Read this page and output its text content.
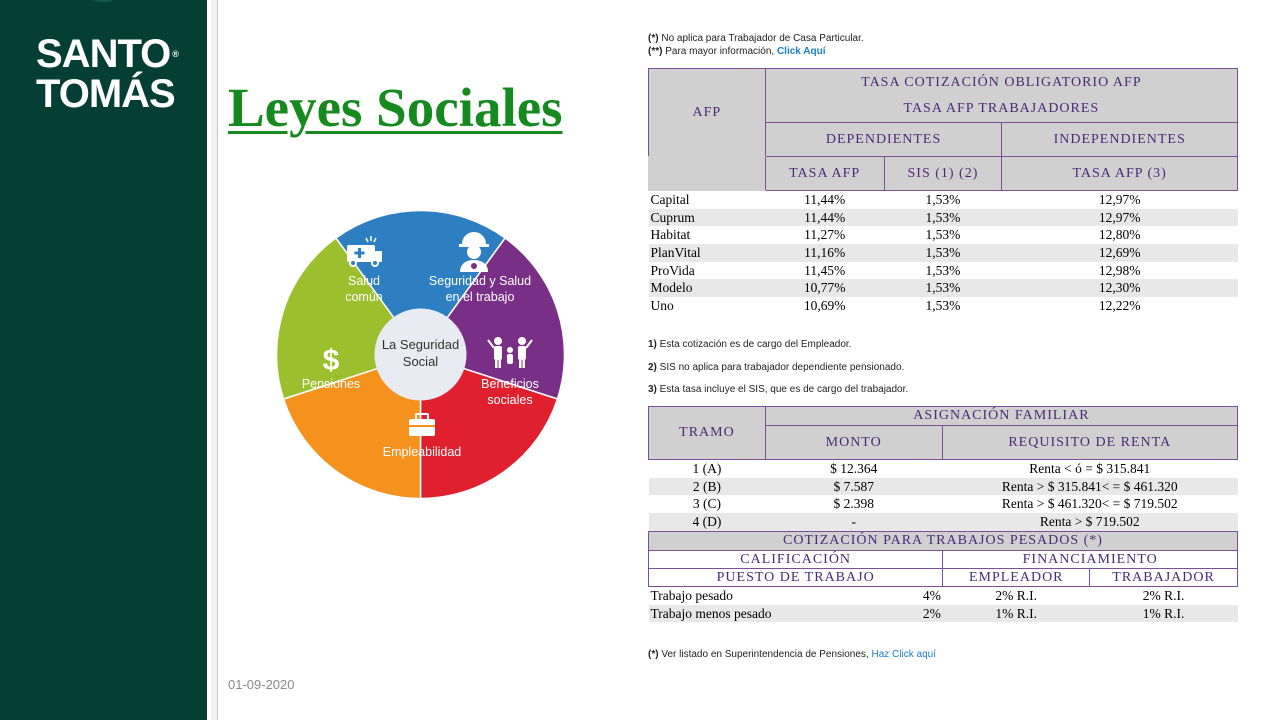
SANTO ®
TOMÁS Leyes Sociales
La Seguridad
Social
Salud
común
Seguridad y Salud
en el trabajo
Beneficios
sociales
Empleabilidad
Pensiones
$
(*) No aplica para Trabajador de Casa Particular.
(**) Para mayor información, Click Aquí
AFP	TASA COTIZACIÓN OBLIGATORIO AFP
TASA AFP TRABAJADORES		
	DEPENDIENTES		INDEPENDIENTES
	TASA AFP	SIS (1) (2)	TASA AFP (3)
Capital	11,44%	1,53%	12,97%
Cuprum	11,44%	1,53%	12,97%
Habitat	11,27%	1,53%	12,80%
PlanVital	11,16%	1,53%	12,69%
ProVida	11,45%	1,53%	12,98%
Modelo	10,77%	1,53%	12,30%
Uno	10,69%	1,53%	12,22%
1) Esta cotización es de cargo del Empleador.
2) SIS no aplica para trabajador dependiente pensionado.
3) Esta tasa incluye el SIS, que es de cargo del trabajador.
TRAMO	ASIGNACIÓN FAMILIAR	
	MONTO	REQUISITO DE RENTA
1 (A)	$ 12.364	Renta < ó = $ 315.841
2 (B)	$ 7.587	Renta > $ 315.841< = $ 461.320
3 (C)	$ 2.398	Renta > $ 461.320< = $ 719.502
4 (D)	-	Renta > $ 719.502
COTIZACIÓN PARA TRABAJOS PESADOS (*)			
CALIFICACIÓN		FINANCIAMIENTO	
PUESTO DE TRABAJO		EMPLEADOR	TRABAJADOR
Trabajo pesado	4%	2% R.I.	2% R.I.
Trabajo menos pesado	2%	1% R.I.	1% R.I.
(*) Ver listado en Superintendencia de Pensiones, Haz Click aquí
01-09-2020
